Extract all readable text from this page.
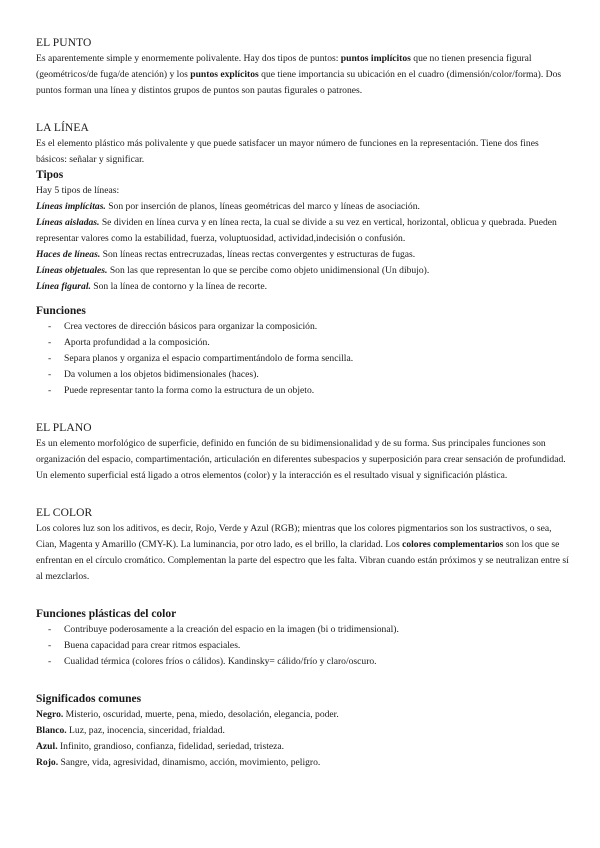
EL PUNTO

Es aparentemente simple y enormemente polivalente. Hay dos tipos de puntos: puntos implícitos que no tienen presencia figural (geométricos/de fuga/de atención) y los puntos explícitos que tiene importancia su ubicación en el cuadro (dimensión/color/forma). Dos puntos forman una línea y distintos grupos de puntos son pautas figurales o patrones.

LA LÍNEA

Es el elemento plástico más polivalente y que puede satisfacer un mayor número de funciones en la representación. Tiene dos fines básicos: señalar y significar.

Tipos

Hay 5 tipos de líneas:

Líneas implícitas. Son por inserción de planos, líneas geométricas del marco y líneas de asociación.

Líneas aisladas. Se dividen en línea curva y en línea recta, la cual se divide a su vez en vertical, horizontal, oblicua y quebrada. Pueden representar valores como la estabilidad, fuerza, voluptuosidad, actividad,indecisión o confusión.

Haces de líneas. Son líneas rectas entrecruzadas, líneas rectas convergentes y estructuras de fugas.

Líneas objetuales. Son las que representan lo que se percibe como objeto unidimensional (Un dibujo).

Línea figural. Son la línea de contorno y la línea de recorte.

Funciones
- Crea vectores de dirección básicos para organizar la composición.
- Aporta profundidad a la composición.
- Separa planos y organiza el espacio compartimentándolo de forma sencilla.
- Da volumen a los objetos bidimensionales (haces).
- Puede representar tanto la forma como la estructura de un objeto.
EL PLANO

Es un elemento morfológico de superficie, definido en función de su bidimensionalidad y de su forma. Sus principales funciones son organización del espacio, compartimentación, articulación en diferentes subespacios y superposición para crear sensación de profundidad. Un elemento superficial está ligado a otros elementos (color) y la interacción es el resultado visual y significación plástica.

EL COLOR

Los colores luz son los aditivos, es decir, Rojo, Verde y Azul (RGB); mientras que los colores pigmentarios son los sustractivos, o sea, Cian, Magenta y Amarillo (CMY-K). La luminancia, por otro lado, es el brillo, la claridad. Los colores complementarios son los que se enfrentan en el círculo cromático. Complementan la parte del espectro que les falta. Vibran cuando están próximos y se neutralizan entre sí al mezclarlos.

Funciones plásticas del color
- Contribuye poderosamente a la creación del espacio en la imagen (bi o tridimensional).
- Buena capacidad para crear ritmos espaciales.
- Cualidad térmica (colores fríos o cálidos). Kandinsky= cálido/frío y claro/oscuro.
Significados comunes

Negro. Misterio, oscuridad, muerte, pena, miedo, desolación, elegancia, poder.

Blanco. Luz, paz, inocencia, sinceridad, frialdad.

Azul. Infinito, grandioso, confianza, fidelidad, seriedad, tristeza.

Rojo. Sangre, vida, agresividad, dinamismo, acción, movimiento, peligro.
